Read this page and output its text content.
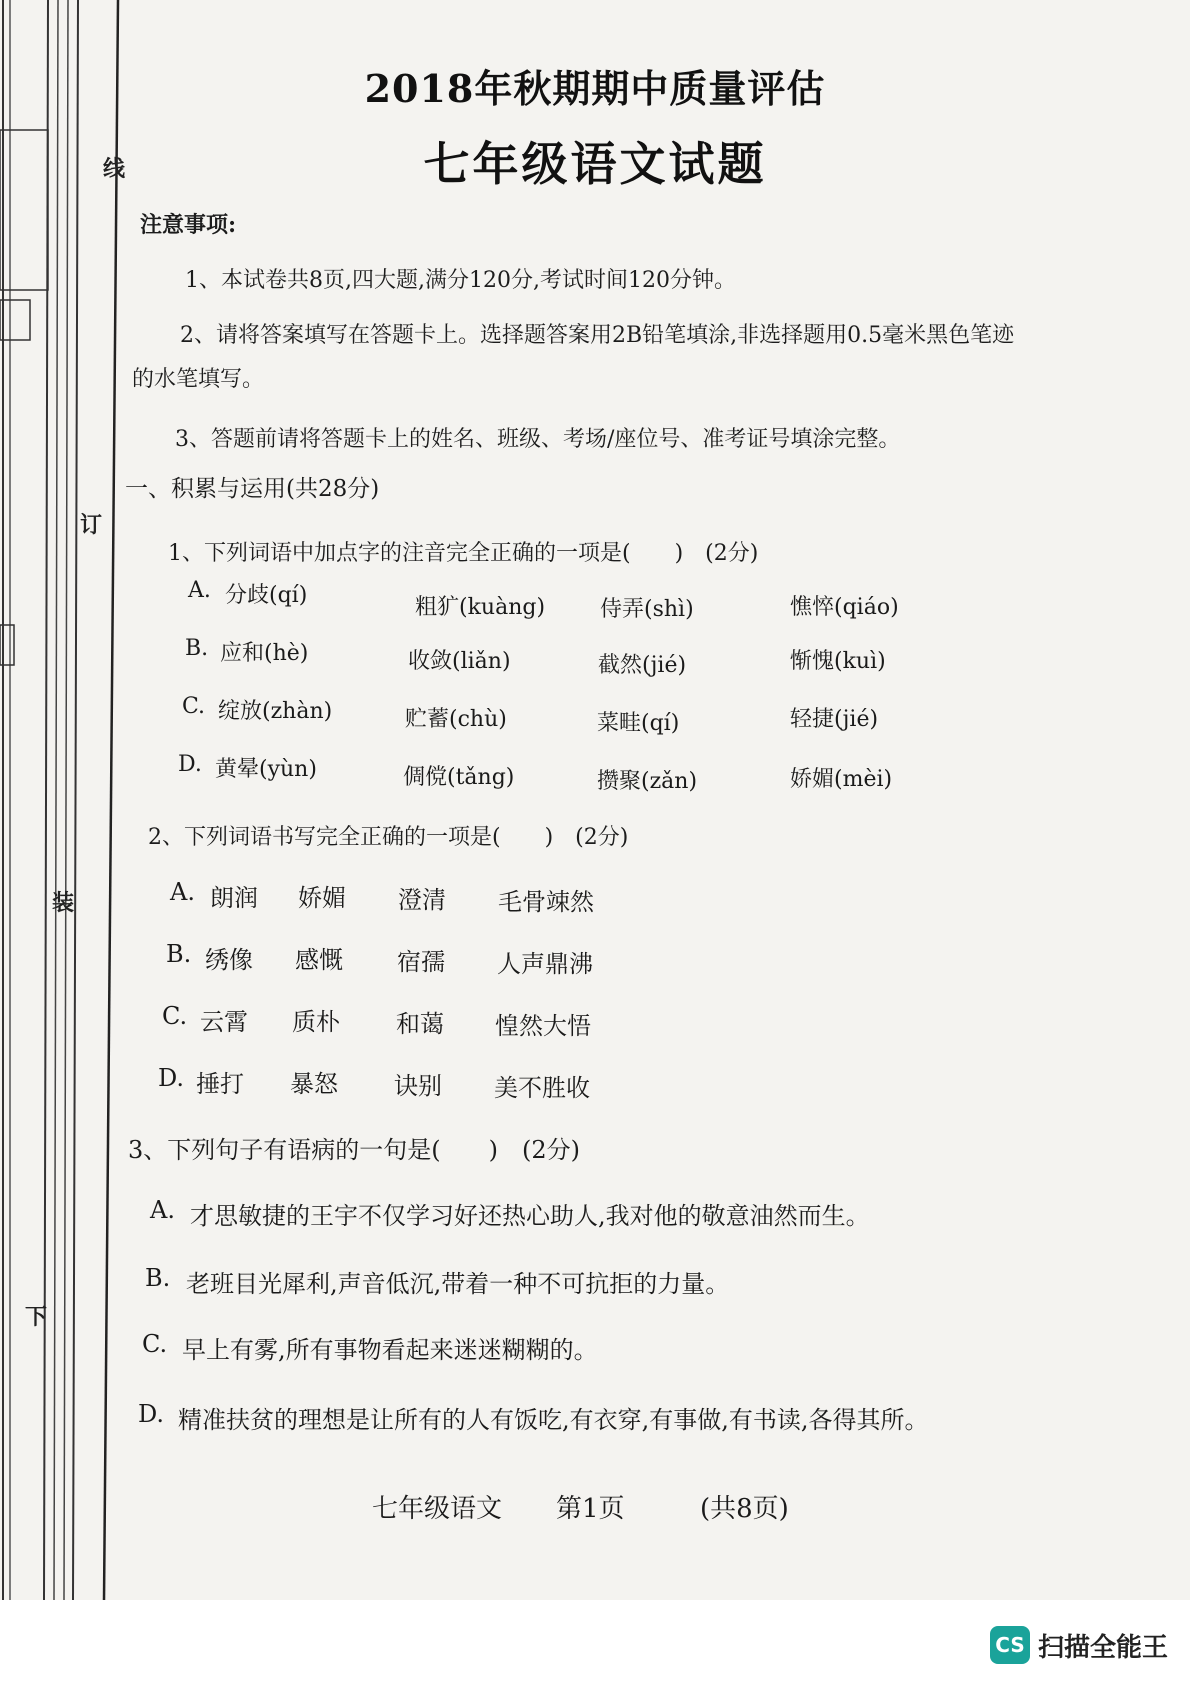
线
订
装
下
2018年秋期期中质量评估
七年级语文试题
注意事项:
1、本试卷共8页,四大题,满分120分,考试时间120分钟。
2、请将答案填写在答题卡上。选择题答案用2B铅笔填涂,非选择题用0.5毫米黑色笔迹
的水笔填写。
3、答题前请将答题卡上的姓名、班级、考场/座位号、准考证号填涂完整。
一、积累与运用(共28分)
1、下列词语中加点字的注音完全正确的一项是(　　)　(2分)
A. 分歧(qí)	粗犷(kuàng) 侍弄(shì)	憔悴(qiáo)
B. 应和(hè)	收敛(liǎn)	截然(jié)	惭愧(kuì)
C. 绽放(zhàn)	贮蓄(chù)	菜畦(qí)	轻捷(jié)
D. 黄晕(yùn)	倜傥(tǎng)	攒聚(zǎn)	娇媚(mèi)
2、下列词语书写完全正确的一项是(　　)　(2分)
A. 朗润 娇媚 澄清 毛骨竦然
B. 绣像 感慨 宿孺 人声鼎沸
C. 云霄 质朴 和蔼 惶然大悟
D. 捶打 暴怒 诀别 美不胜收
3、下列句子有语病的一句是(　　)　(2分)
A. 才思敏捷的王宇不仅学习好还热心助人,我对他的敬意油然而生。
B. 老班目光犀利,声音低沉,带着一种不可抗拒的力量。
C. 早上有雾,所有事物看起来迷迷糊糊的。
D. 精准扶贫的理想是让所有的人有饭吃,有衣穿,有事做,有书读,各得其所。
七年级语文 第1页	(共8页)
CS 扫描全能王
